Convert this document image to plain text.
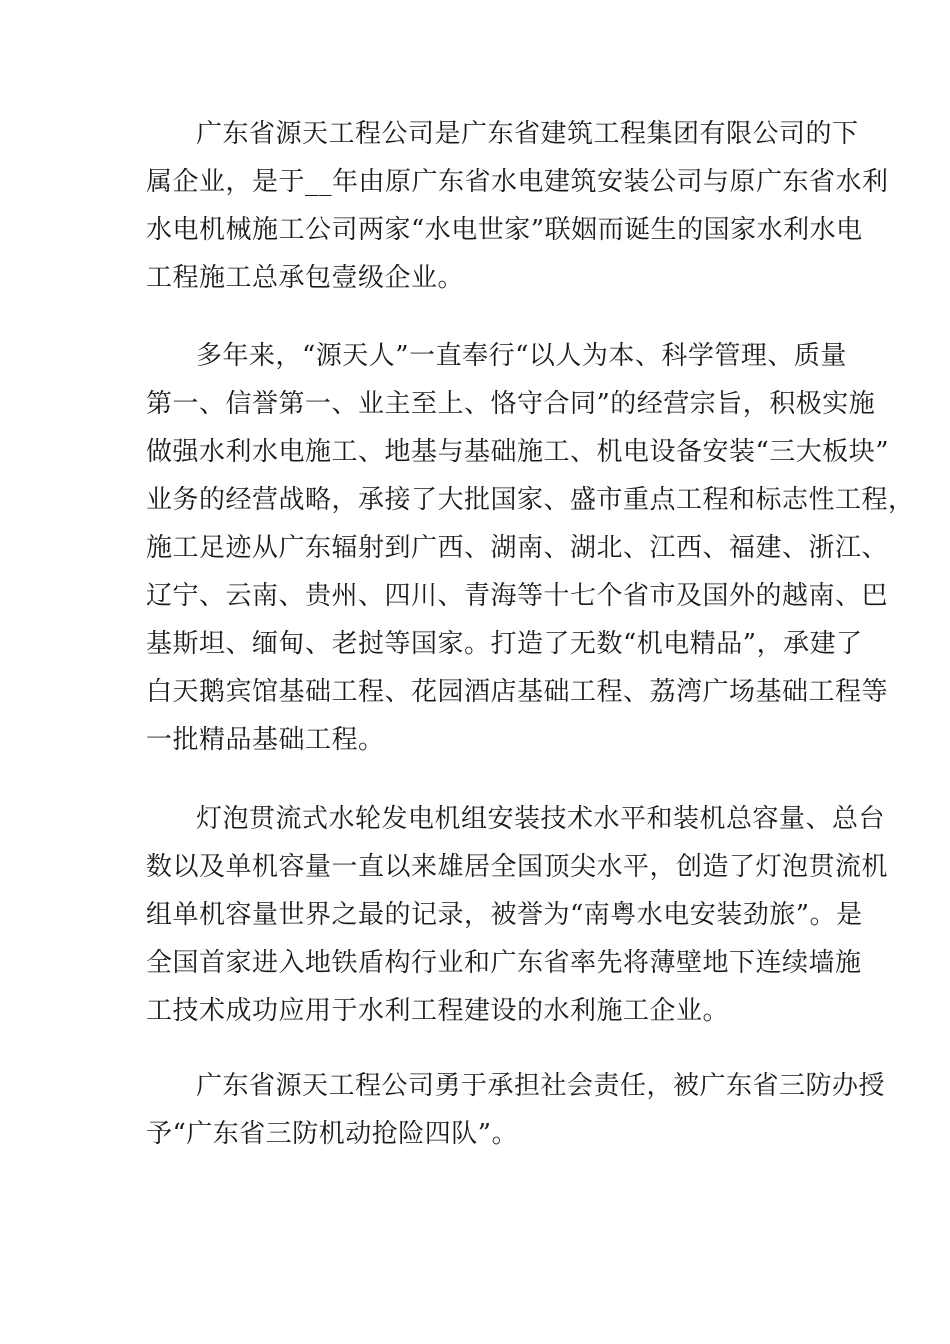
广东省源天工程公司是广东省建筑工程集团有限公司的下
属企业，是于__年由原广东省水电建筑安装公司与原广东省水利
水电机械施工公司两家“水电世家”联姻而诞生的国家水利水电
工程施工总承包壹级企业。
多年来，“源天人”一直奉行“以人为本、科学管理、质量
第一、信誉第一、业主至上、恪守合同”的经营宗旨，积极实施
做强水利水电施工、地基与基础施工、机电设备安装“三大板块”
业务的经营战略，承接了大批国家、盛市重点工程和标志性工程，
施工足迹从广东辐射到广西、湖南、湖北、江西、福建、浙江、
辽宁、云南、贵州、四川、青海等十七个省市及国外的越南、巴
基斯坦、缅甸、老挝等国家。打造了无数“机电精品”，承建了
白天鹅宾馆基础工程、花园酒店基础工程、荔湾广场基础工程等
一批精品基础工程。
灯泡贯流式水轮发电机组安装技术水平和装机总容量、总台
数以及单机容量一直以来雄居全国顶尖水平，创造了灯泡贯流机
组单机容量世界之最的记录，被誉为“南粤水电安装劲旅”。是
全国首家进入地铁盾构行业和广东省率先将薄壁地下连续墙施
工技术成功应用于水利工程建设的水利施工企业。
广东省源天工程公司勇于承担社会责任，被广东省三防办授
予“广东省三防机动抢险四队”。
